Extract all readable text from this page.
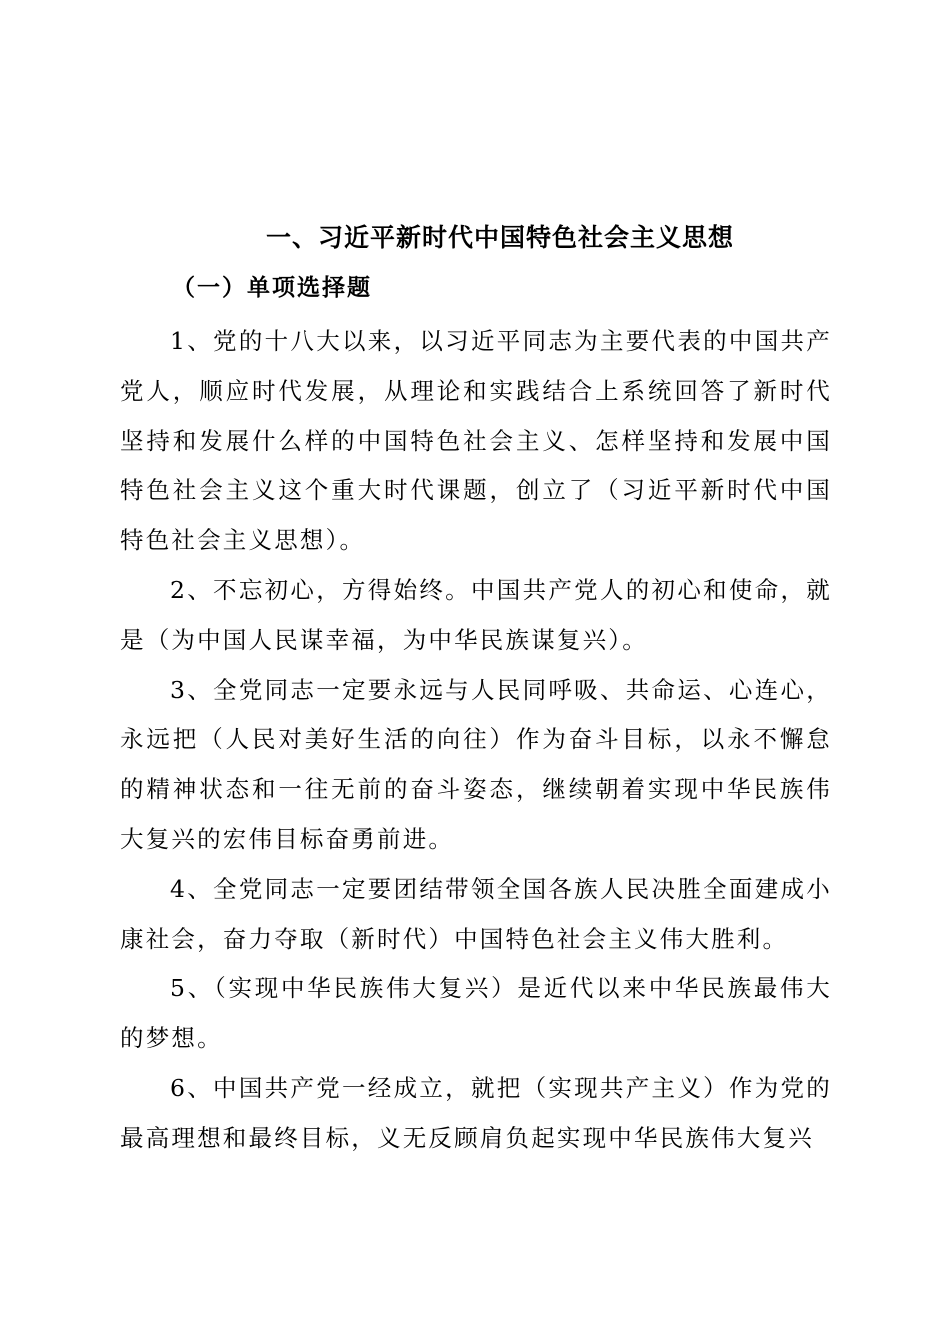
一、习近平新时代中国特色社会主义思想
（一）单项选择题
1、党的十八大以来，以习近平同志为主要代表的中国共产党人，顺应时代发展，从理论和实践结合上系统回答了新时代坚持和发展什么样的中国特色社会主义、怎样坚持和发展中国特色社会主义这个重大时代课题，创立了（习近平新时代中国特色社会主义思想）。
2、不忘初心，方得始终。中国共产党人的初心和使命，就是（为中国人民谋幸福，为中华民族谋复兴）。
3、全党同志一定要永远与人民同呼吸、共命运、心连心，永远把（人民对美好生活的向往）作为奋斗目标，以永不懈怠的精神状态和一往无前的奋斗姿态，继续朝着实现中华民族伟大复兴的宏伟目标奋勇前进。
4、全党同志一定要团结带领全国各族人民决胜全面建成小康社会，奋力夺取（新时代）中国特色社会主义伟大胜利。
5、（实现中华民族伟大复兴）是近代以来中华民族最伟大的梦想。
6、中国共产党一经成立，就把（实现共产主义）作为党的最高理想和最终目标，义无反顾肩负起实现中华民族伟大复兴
